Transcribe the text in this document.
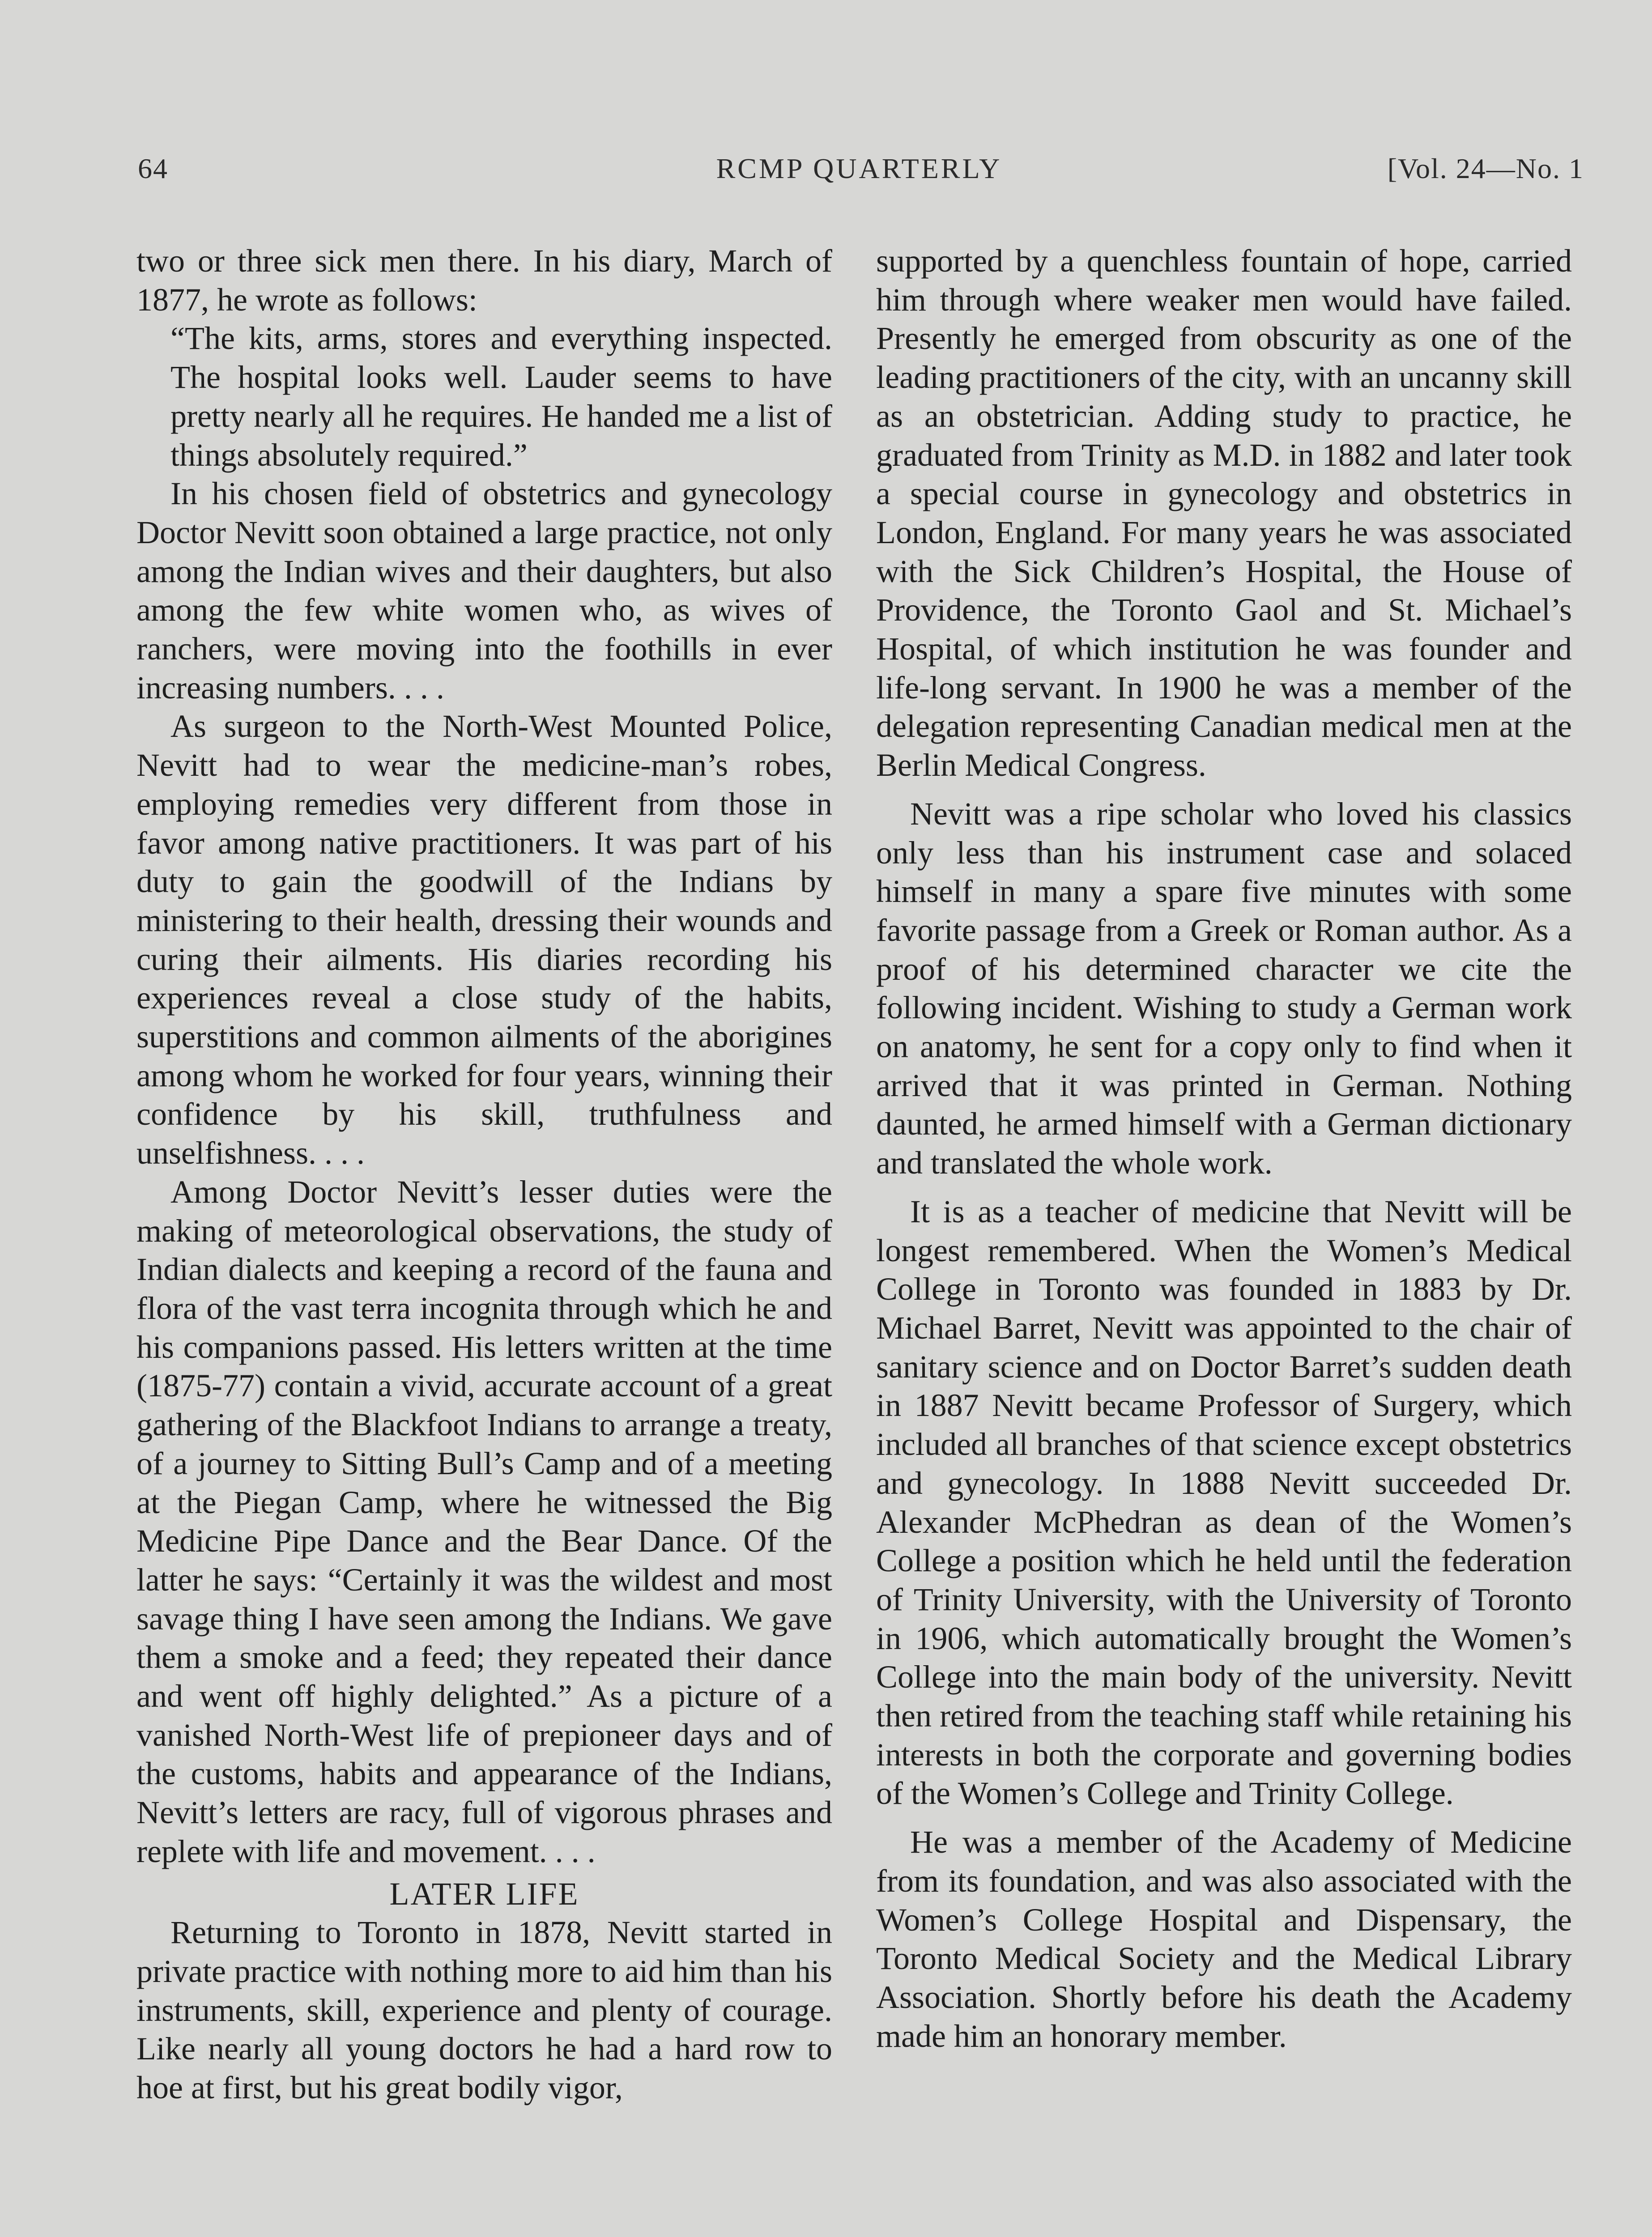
64	RCMP QUARTERLY	[Vol. 24—No. 1

two or three sick men there. In his diary, March of 1877, he wrote as follows:

“The kits, arms, stores and everything inspected. The hospital looks well. Lauder seems to have pretty nearly all he requires. He handed me a list of things absolutely required.”

In his chosen field of obstetrics and gynecology Doctor Nevitt soon obtained a large practice, not only among the Indian wives and their daughters, but also among the few white women who, as wives of ranchers, were moving into the foothills in ever increasing numbers. . . .

As surgeon to the North-West Mounted Police, Nevitt had to wear the medicine-man’s robes, employing remedies very different from those in favor among native practitioners. It was part of his duty to gain the goodwill of the Indians by ministering to their health, dressing their wounds and curing their ailments. His diaries recording his experiences reveal a close study of the habits, superstitions and common ailments of the aborigines among whom he worked for four years, winning their confidence by his skill, truthfulness and unselfishness. . . .

Among Doctor Nevitt’s lesser duties were the making of meteorological observations, the study of Indian dialects and keeping a record of the fauna and flora of the vast terra incognita through which he and his companions passed. His letters written at the time (1875-77) contain a vivid, accurate account of a great gathering of the Blackfoot Indians to arrange a treaty, of a journey to Sitting Bull’s Camp and of a meeting at the Piegan Camp, where he witnessed the Big Medicine Pipe Dance and the Bear Dance. Of the latter he says: “Certainly it was the wildest and most savage thing I have seen among the Indians. We gave them a smoke and a feed; they repeated their dance and went off highly delighted.” As a picture of a vanished North-West life of prepioneer days and of the customs, habits and appearance of the Indians, Nevitt’s letters are racy, full of vigorous phrases and replete with life and movement. . . .

LATER LIFE

Returning to Toronto in 1878, Nevitt started in private practice with nothing more to aid him than his instruments, skill, experience and plenty of courage. Like nearly all young doctors he had a hard row to hoe at first, but his great bodily vigor,

supported by a quenchless fountain of hope, carried him through where weaker men would have failed. Presently he emerged from obscurity as one of the leading practitioners of the city, with an uncanny skill as an obstetrician. Adding study to practice, he graduated from Trinity as M.D. in 1882 and later took a special course in gynecology and obstetrics in London, England. For many years he was associated with the Sick Children’s Hospital, the House of Providence, the Toronto Gaol and St. Michael’s Hospital, of which institution he was founder and life-long servant. In 1900 he was a member of the delegation representing Canadian medical men at the Berlin Medical Congress.

Nevitt was a ripe scholar who loved his classics only less than his instrument case and solaced himself in many a spare five minutes with some favorite passage from a Greek or Roman author. As a proof of his determined character we cite the following incident. Wishing to study a German work on anatomy, he sent for a copy only to find when it arrived that it was printed in German. Nothing daunted, he armed himself with a German dictionary and translated the whole work.

It is as a teacher of medicine that Nevitt will be longest remembered. When the Women’s Medical College in Toronto was founded in 1883 by Dr. Michael Barret, Nevitt was appointed to the chair of sanitary science and on Doctor Barret’s sudden death in 1887 Nevitt became Professor of Surgery, which included all branches of that science except obstetrics and gynecology. In 1888 Nevitt succeeded Dr. Alexander McPhedran as dean of the Women’s College a position which he held until the federation of Trinity University, with the University of Toronto in 1906, which automatically brought the Women’s College into the main body of the university. Nevitt then retired from the teaching staff while retaining his interests in both the corporate and governing bodies of the Women’s College and Trinity College.

He was a member of the Academy of Medicine from its foundation, and was also associated with the Women’s College Hospital and Dispensary, the Toronto Medical Society and the Medical Library Association. Shortly before his death the Academy made him an honorary member.
